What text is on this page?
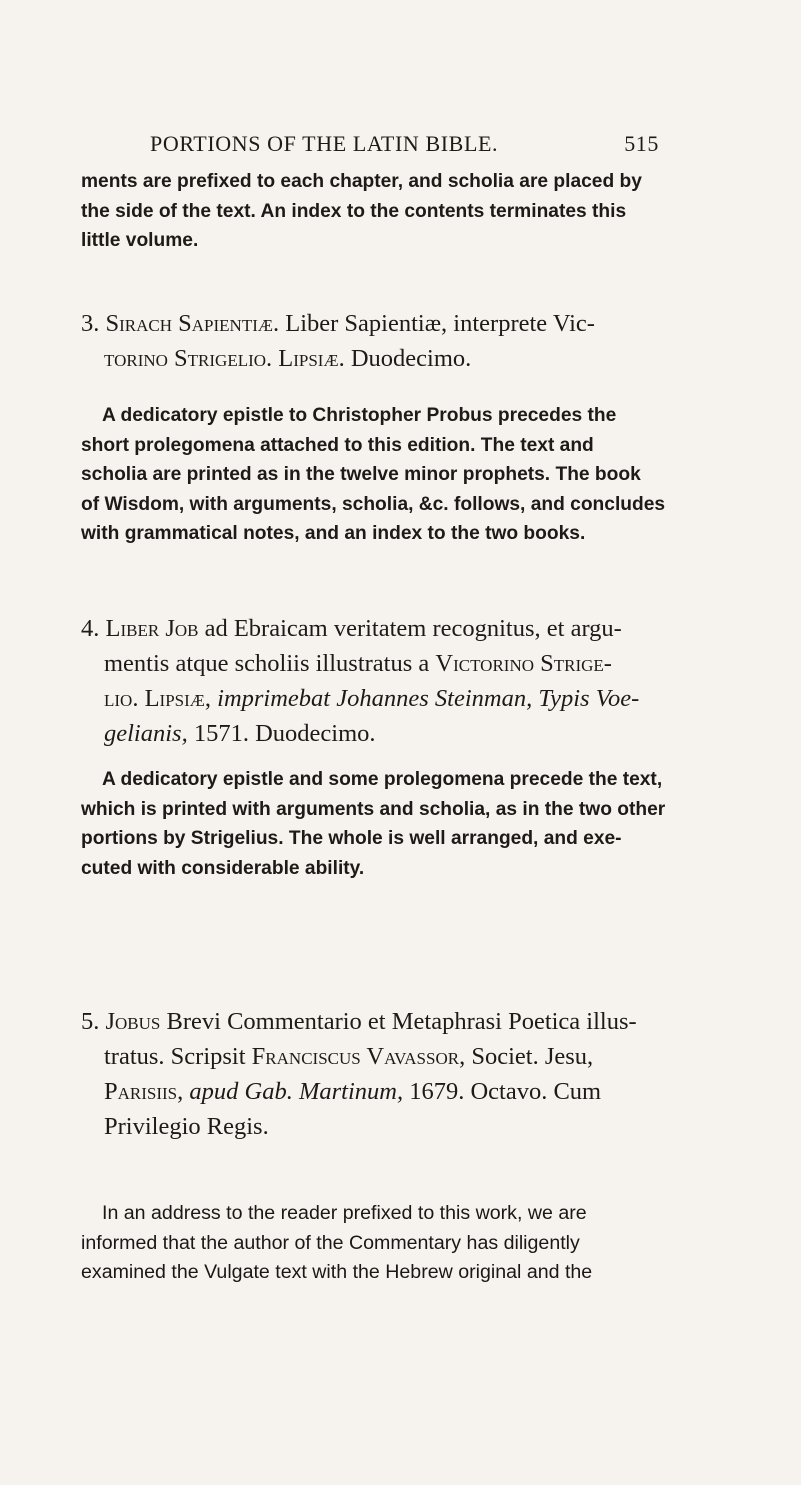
PORTIONS OF THE LATIN BIBLE.	515
ments are prefixed to each chapter, and scholia are placed by
the side of the text. An index to the contents terminates this
little volume.
3. Sirach Sapientiæ. Liber Sapientiæ, interprete Vic-
torino Strigelio. Lipsiæ. Duodecimo.
A dedicatory epistle to Christopher Probus precedes the
short prolegomena attached to this edition. The text and
scholia are printed as in the twelve minor prophets. The book
of Wisdom, with arguments, scholia, &c. follows, and concludes
with grammatical notes, and an index to the two books.
4. Liber Job ad Ebraicam veritatem recognitus, et argu-
mentis atque scholiis illustratus a Victorino Strige-
lio. Lipsiæ, imprimebat Johannes Steinman, Typis Voe-
gelianis, 1571. Duodecimo.
A dedicatory epistle and some prolegomena precede the text,
which is printed with arguments and scholia, as in the two other
portions by Strigelius. The whole is well arranged, and exe-
cuted with considerable ability.
5. Jobus Brevi Commentario et Metaphrasi Poetica illus-
tratus. Scripsit Franciscus Vavassor, Societ. Jesu,
Parisiis, apud Gab. Martinum, 1679. Octavo. Cum
Privilegio Regis.
In an address to the reader prefixed to this work, we are
informed that the author of the Commentary has diligently
examined the Vulgate text with the Hebrew original and the
